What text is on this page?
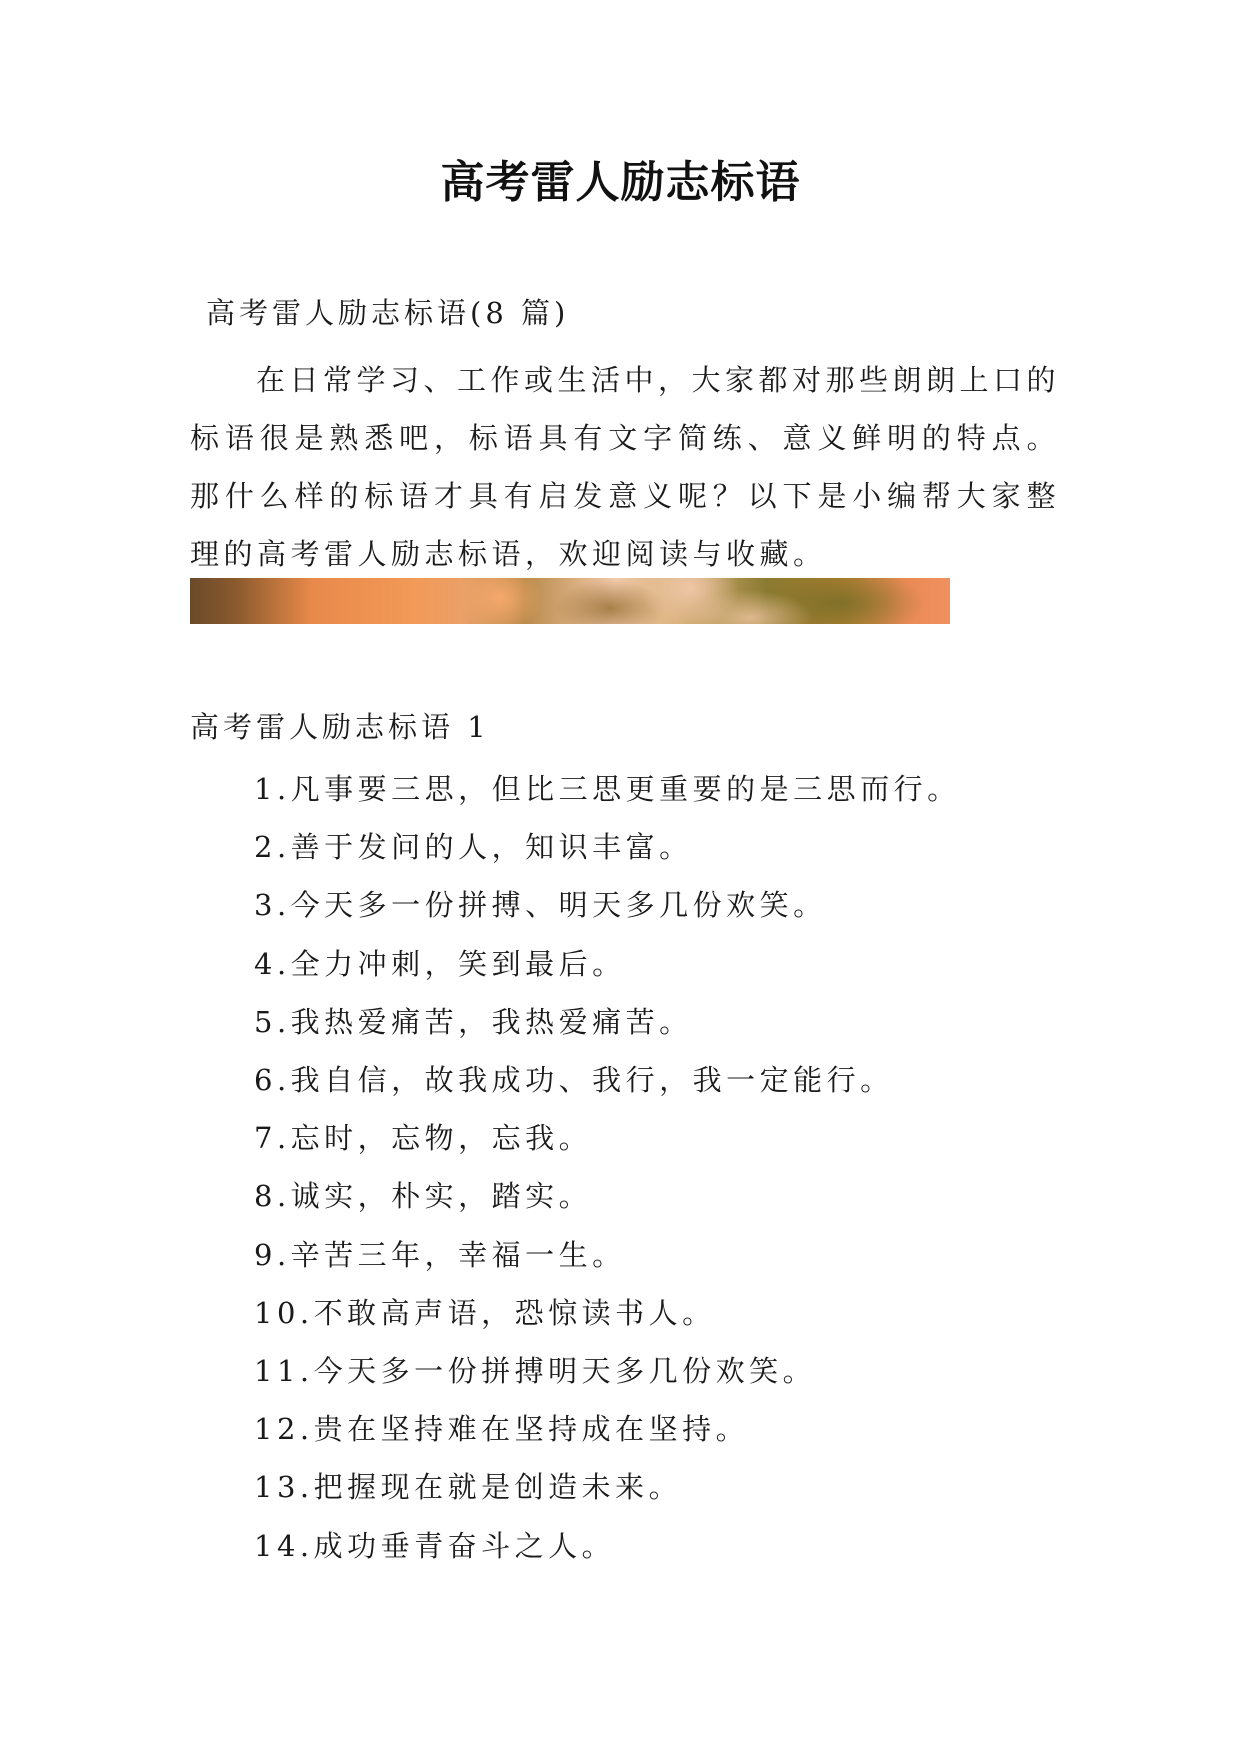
高考雷人励志标语
高考雷人励志标语(8 篇)

在日常学习、工作或生活中，大家都对那些朗朗上口的标语很是熟悉吧，标语具有文字简练、意义鲜明的特点。那什么样的标语才具有启发意义呢？以下是小编帮大家整理的高考雷人励志标语，欢迎阅读与收藏。

高考雷人励志标语 1
1.凡事要三思，但比三思更重要的是三思而行。
2.善于发问的人，知识丰富。
3.今天多一份拼搏、明天多几份欢笑。
4.全力冲刺，笑到最后。
5.我热爱痛苦，我热爱痛苦。
6.我自信，故我成功、我行，我一定能行。
7.忘时，忘物，忘我。
8.诚实，朴实，踏实。
9.辛苦三年，幸福一生。
10.不敢高声语，恐惊读书人。
11.今天多一份拼搏明天多几份欢笑。
12.贵在坚持难在坚持成在坚持。
13.把握现在就是创造未来。
14.成功垂青奋斗之人。
